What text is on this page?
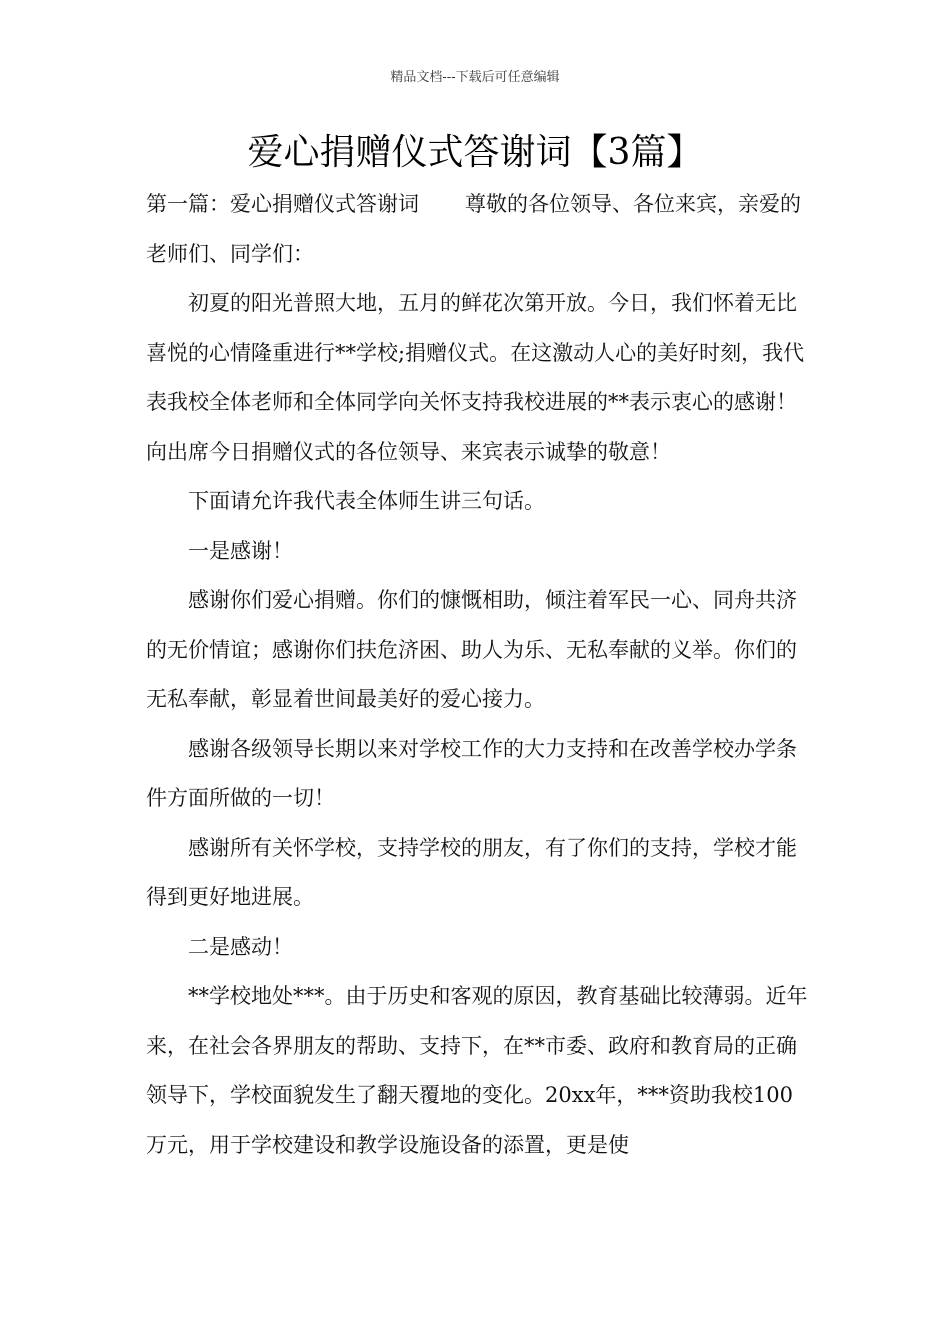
精品文档---下载后可任意编辑
爱心捐赠仪式答谢词【3篇】

第一篇：爱心捐赠仪式答谢词 尊敬的各位领导、各位来宾，亲爱的老师们、同学们：

初夏的阳光普照大地，五月的鲜花次第开放。今日，我们怀着无比喜悦的心情隆重进行**学校;捐赠仪式。在这激动人心的美好时刻，我代表我校全体老师和全体同学向关怀支持我校进展的**表示衷心的感谢！向出席今日捐赠仪式的各位领导、来宾表示诚挚的敬意！

下面请允许我代表全体师生讲三句话。

一是感谢！

感谢你们爱心捐赠。你们的慷慨相助，倾注着军民一心、同舟共济的无价情谊；感谢你们扶危济困、助人为乐、无私奉献的义举。你们的无私奉献，彰显着世间最美好的爱心接力。

感谢各级领导长期以来对学校工作的大力支持和在改善学校办学条件方面所做的一切！

感谢所有关怀学校，支持学校的朋友，有了你们的支持，学校才能得到更好地进展。

二是感动！

**学校地处***。由于历史和客观的原因，教育基础比较薄弱。近年来，在社会各界朋友的帮助、支持下，在**市委、政府和教育局的正确领导下，学校面貌发生了翻天覆地的变化。20xx年，***资助我校100万元，用于学校建设和教学设施设备的添置，更是使
